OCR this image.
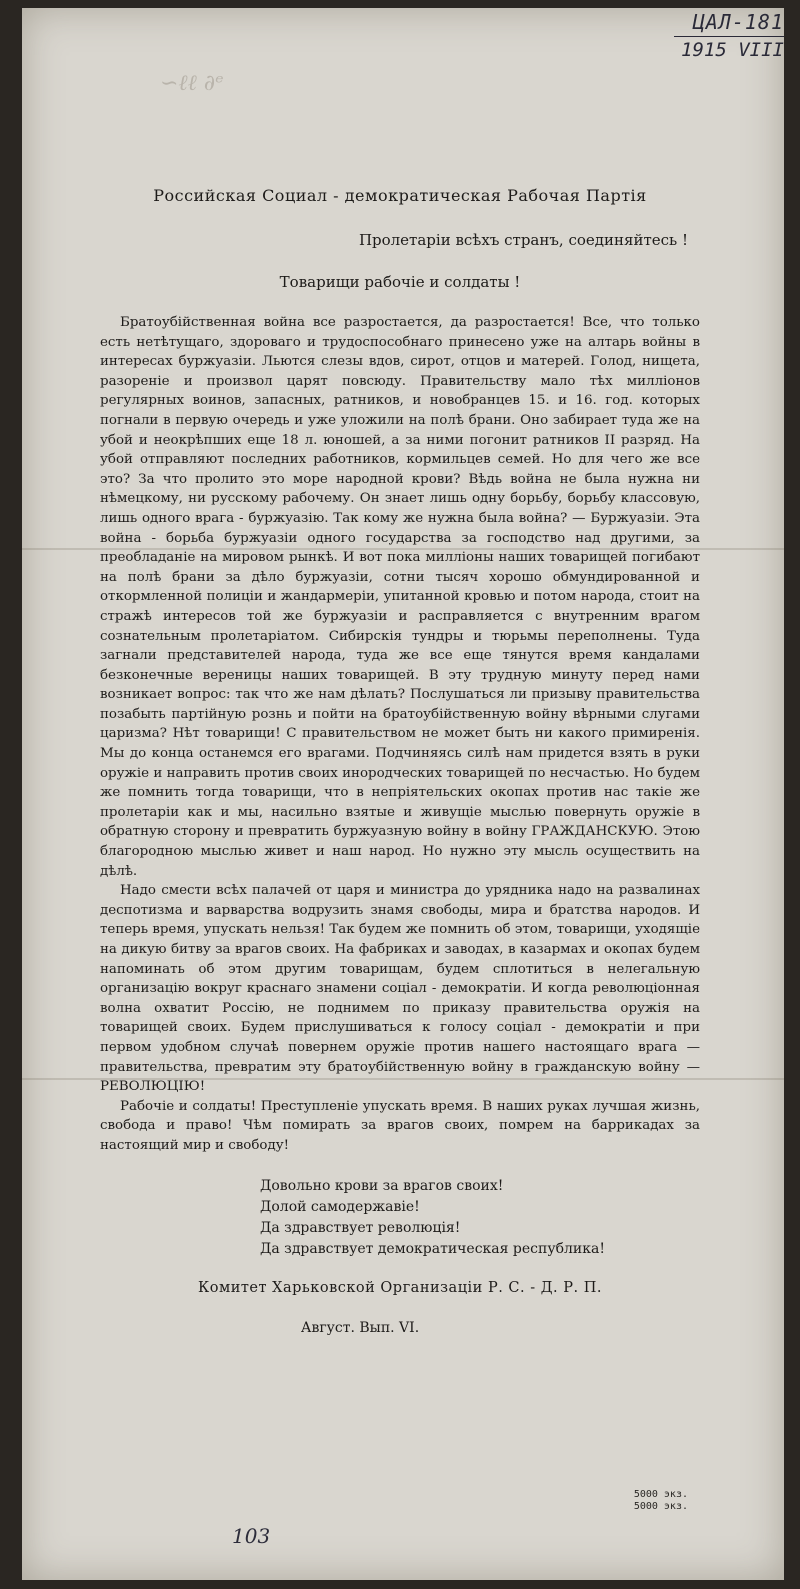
ЦАЛ-181
1915 VIII
∽ℓℓ ∂ᵉ
Российская Социал - демократическая Рабочая Партія
Пролетаріи всѣхъ странъ, соединяйтесь !
Товарищи рабочіе и солдаты !

Братоубійственная война все разростается, да разростается! Все, что только есть нетѣтущаго, здороваго и трудоспособнаго принесено уже на алтарь войны в интересах буржуазіи. Льются слезы вдов, сирот, отцов и матерей. Голод, нищета, разореніе и произвол царят повсюду. Правительству мало тѣх милліонов регулярных воинов, запасных, ратников, и новобранцев 15. и 16. год. которых погнали в первую очередь и уже уложили на полѣ брани. Оно забирает туда же на убой и неокрѣпших еще 18 л. юношей, а за ними погонит ратников II разряд. На убой отправляют последних работников, кормильцев семей. Но для чего же все это? За что пролито это море народной крови? Вѣдь война не была нужна ни нѣмецкому, ни русскому рабочему. Он знает лишь одну борьбу, борьбу классовую, лишь одного врага - буржуазію. Так кому же нужна была война? — Буржуазіи. Эта война - борьба буржуазіи одного государства за господство над другими, за преобладаніе на мировом рынкѣ. И вот пока милліоны наших товарищей погибают на полѣ брани за дѣло буржуазіи, сотни тысяч хорошо обмундированной и откормленной полиціи и жандармеріи, упитанной кровью и потом народа, стоит на стражѣ интересов той же буржуазіи и расправляется с внутренним врагом сознательным пролетаріатом. Сибирскія тундры и тюрьмы переполнены. Туда загнали представителей народа, туда же все еще тянутся время кандалами безконечные вереницы наших товарищей. В эту трудную минуту перед нами возникает вопрос: так что же нам дѣлать? Послушаться ли призыву правительства позабыть партійную рознь и пойти на братоубійственную войну вѣрными слугами царизма? Нѣт товарищи! С правительством не может быть ни какого примиренія. Мы до конца останемся его врагами. Подчиняясь силѣ нам придется взять в руки оружіе и направить против своих инородческих товарищей по несчастью. Но будем же помнить тогда товарищи, что в непріятельских окопах против нас такіе же пролетаріи как и мы, насильно взятые и живущіе мыслью повернуть оружіе в обратную сторону и превратить буржуазную войну в войну ГРАЖДАНСКУЮ. Этою благородною мыслью живет и наш народ. Но нужно эту мысль осуществить на дѣлѣ.

Надо смести всѣх палачей от царя и министра до урядника надо на развалинах деспотизма и варварства водрузить знамя свободы, мира и братства народов. И теперь время, упускать нельзя! Так будем же помнить об этом, товарищи, уходящіе на дикую битву за врагов своих. На фабриках и заводах, в казармах и окопах будем напоминать об этом другим товарищам, будем сплотиться в нелегальную организацію вокруг краснаго знамени соціал - демократіи. И когда революціонная волна охватит Россію, не поднимем по приказу правительства оружія на товарищей своих. Будем прислушиваться к голосу соціал - демократіи и при первом удобном случаѣ повернем оружіе против нашего настоящаго врага — правительства, превратим эту братоубійственную войну в гражданскую войну — РЕВОЛЮЦІЮ!

Рабочіе и солдаты! Преступленіе упускать время. В наших руках лучшая жизнь, свобода и право! Чѣм помирать за врагов своих, помрем на баррикадах за настоящий мир и свободу!

Довольно крови за врагов своих!
Долой самодержавіе!
Да здравствует революція!
Да здравствует демократическая республика!
Комитет Харьковской Организаціи Р. С. - Д. Р. П.
Август. Вып. VI.
5000 экз.
5000 экз.
103
